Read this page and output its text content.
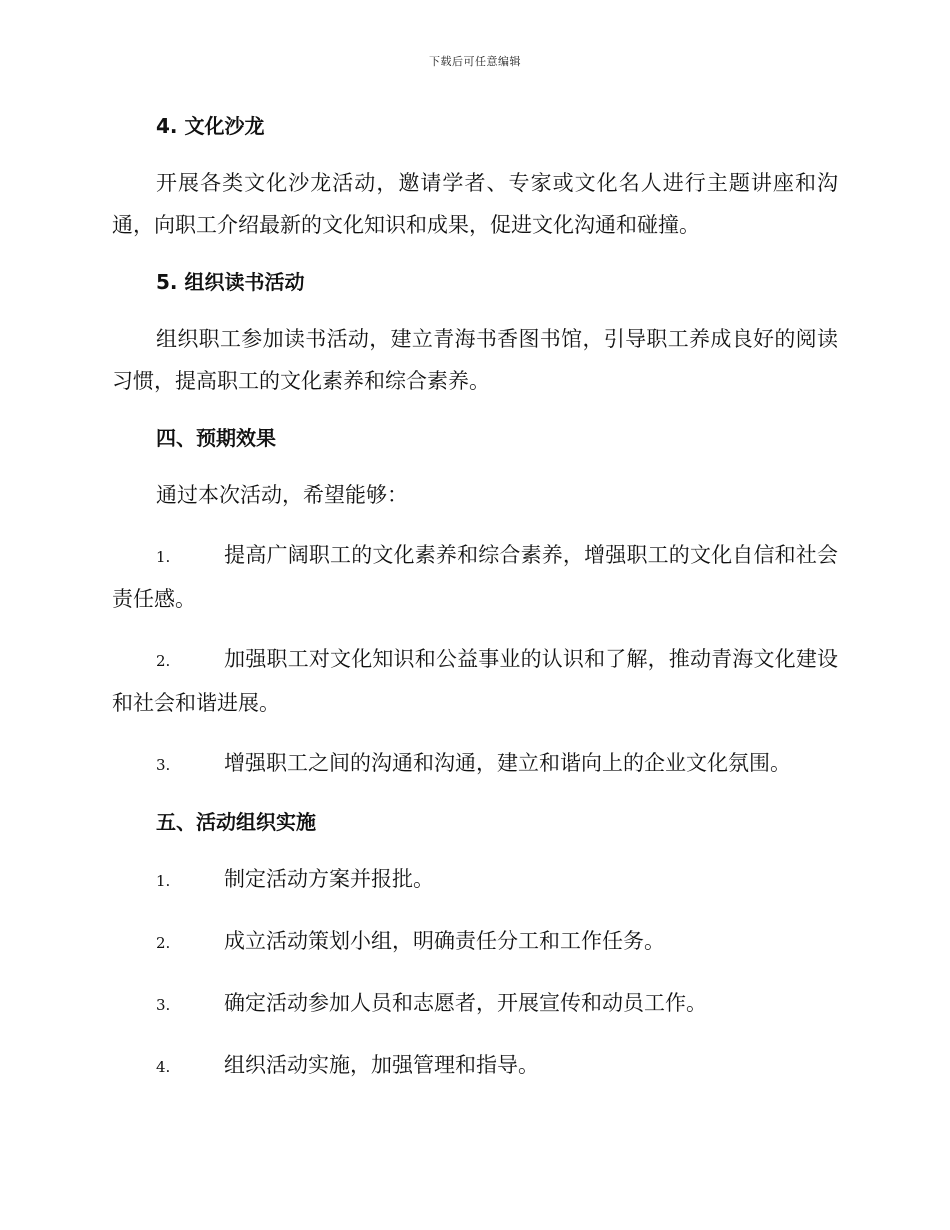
下载后可任意编辑
4. 文化沙龙

开展各类文化沙龙活动，邀请学者、专家或文化名人进行主题讲座和沟通，向职工介绍最新的文化知识和成果，促进文化沟通和碰撞。

5. 组织读书活动

组织职工参加读书活动，建立青海书香图书馆，引导职工养成良好的阅读习惯，提高职工的文化素养和综合素养。

四、预期效果

通过本次活动，希望能够：

1.	提高广阔职工的文化素养和综合素养，增强职工的文化自信和社会责任感。

2.	加强职工对文化知识和公益事业的认识和了解，推动青海文化建设和社会和谐进展。

3.	增强职工之间的沟通和沟通，建立和谐向上的企业文化氛围。

五、活动组织实施

1.	制定活动方案并报批。

2.	成立活动策划小组，明确责任分工和工作任务。

3.	确定活动参加人员和志愿者，开展宣传和动员工作。

4.	组织活动实施，加强管理和指导。
